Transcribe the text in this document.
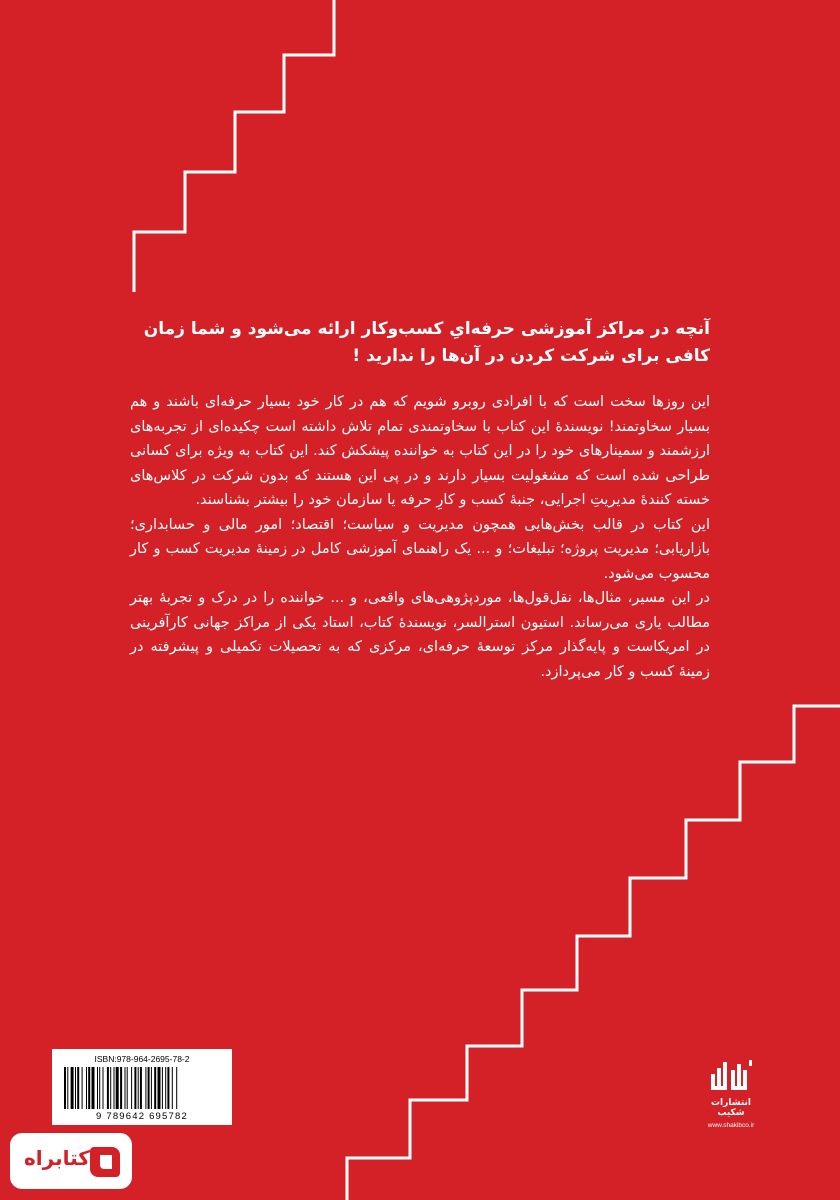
آنچه در مراکز آموزشی حرفه‌ایِ کسب‌وکار ارائه می‌شود و شما زمان
کافی برای شرکت کردن در آن‌ها را ندارید !

این روزها سخت است که با افرادی روبرو شویم که هم در کار خود بسیار حرفه‌ای باشند و هم بسیار سخاوتمند! نویسندهٔ این کتاب با سخاوتمندی تمام تلاش داشته است چکیده‌ای از تجربه‌های ارزشمند و سمینارهای خود را در این کتاب به خواننده پیشکش کند. این کتاب به ویژه برای کسانی طراحی شده است که مشغولیت بسیار دارند و در پی این هستند که بدون شرکت در کلاس‌های خسته کنندهٔ مدیریتِ اجرایی، جنبهٔ کسب و کارِ حرفه یا سازمان خود را بیشتر بشناسند.

این کتاب در قالب بخش‌هایی همچون مدیریت و سیاست؛ اقتصاد؛ امور مالی و حسابداری؛ بازاریابی؛ مدیریت پروژه؛ تبلیغات؛ و ... یک راهنمای آموزشی کامل در زمینهٔ مدیریت کسب و کار محسوب می‌شود.

در این مسیر، مثال‌ها، نقل‌قول‌ها، موردپژوهی‌های واقعی، و ... خواننده را در درک و تجربهٔ بهتر مطالب یاری می‌رساند. استیون استرالسر، نویسندهٔ کتاب، استاد یکی از مراکز جهانی کارآفرینی در امریکاست و پایه‌گذار مرکز توسعهٔ حرفه‌ای، مرکزی که به تحصیلات تکمیلی و پیشرفته در زمینهٔ کسب و کار می‌پردازد.

ISBN:978-964-2695-78-2
9 789642 695782
انتشارات شکیب
www.shakibco.ir
کتابراه
